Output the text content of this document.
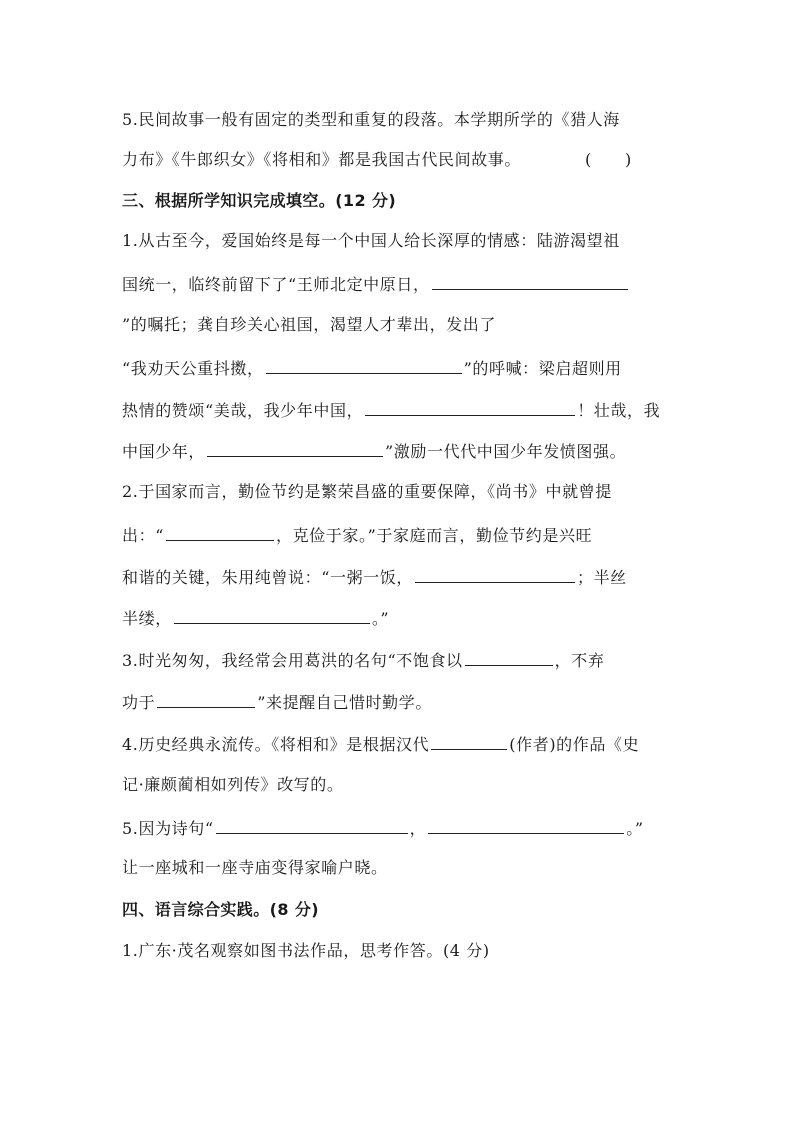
5.民间故事一般有固定的类型和重复的段落。本学期所学的《猎人海
力布》《牛郎织女》《将相和》都是我国古代民间故事。	(　　)
三、根据所学知识完成填空。(12 分)
1.从古至今，爱国始终是每一个中国人给长深厚的情感：陆游渴望祖
国统一，临终前留下了“王师北定中原日，
”的嘱托；龚自珍关心祖国，渴望人才辈出，发出了
“我劝天公重抖擞，	”的呼喊：梁启超则用
热情的赞颂“美哉，我少年中国，	！壮哉，我
中国少年，	”激励一代代中国少年发愤图强。
2.于国家而言，勤俭节约是繁荣昌盛的重要保障，《尚书》中就曾提
出：“	，克俭于家。”于家庭而言，勤俭节约是兴旺
和谐的关键，朱用纯曾说：“一粥一饭，	；半丝
半缕，	。”
3.时光匆匆，我经常会用葛洪的名句“不饱食以	，不弃
功于	”来提醒自己惜时勤学。
4.历史经典永流传。《将相和》是根据汉代	(作者)的作品《史
记·廉颇蔺相如列传》改写的。
5.因为诗句“	，	。”
让一座城和一座寺庙变得家喻户晓。
四、语言综合实践。(8 分)
1.广东·茂名观察如图书法作品，思考作答。(4 分)
